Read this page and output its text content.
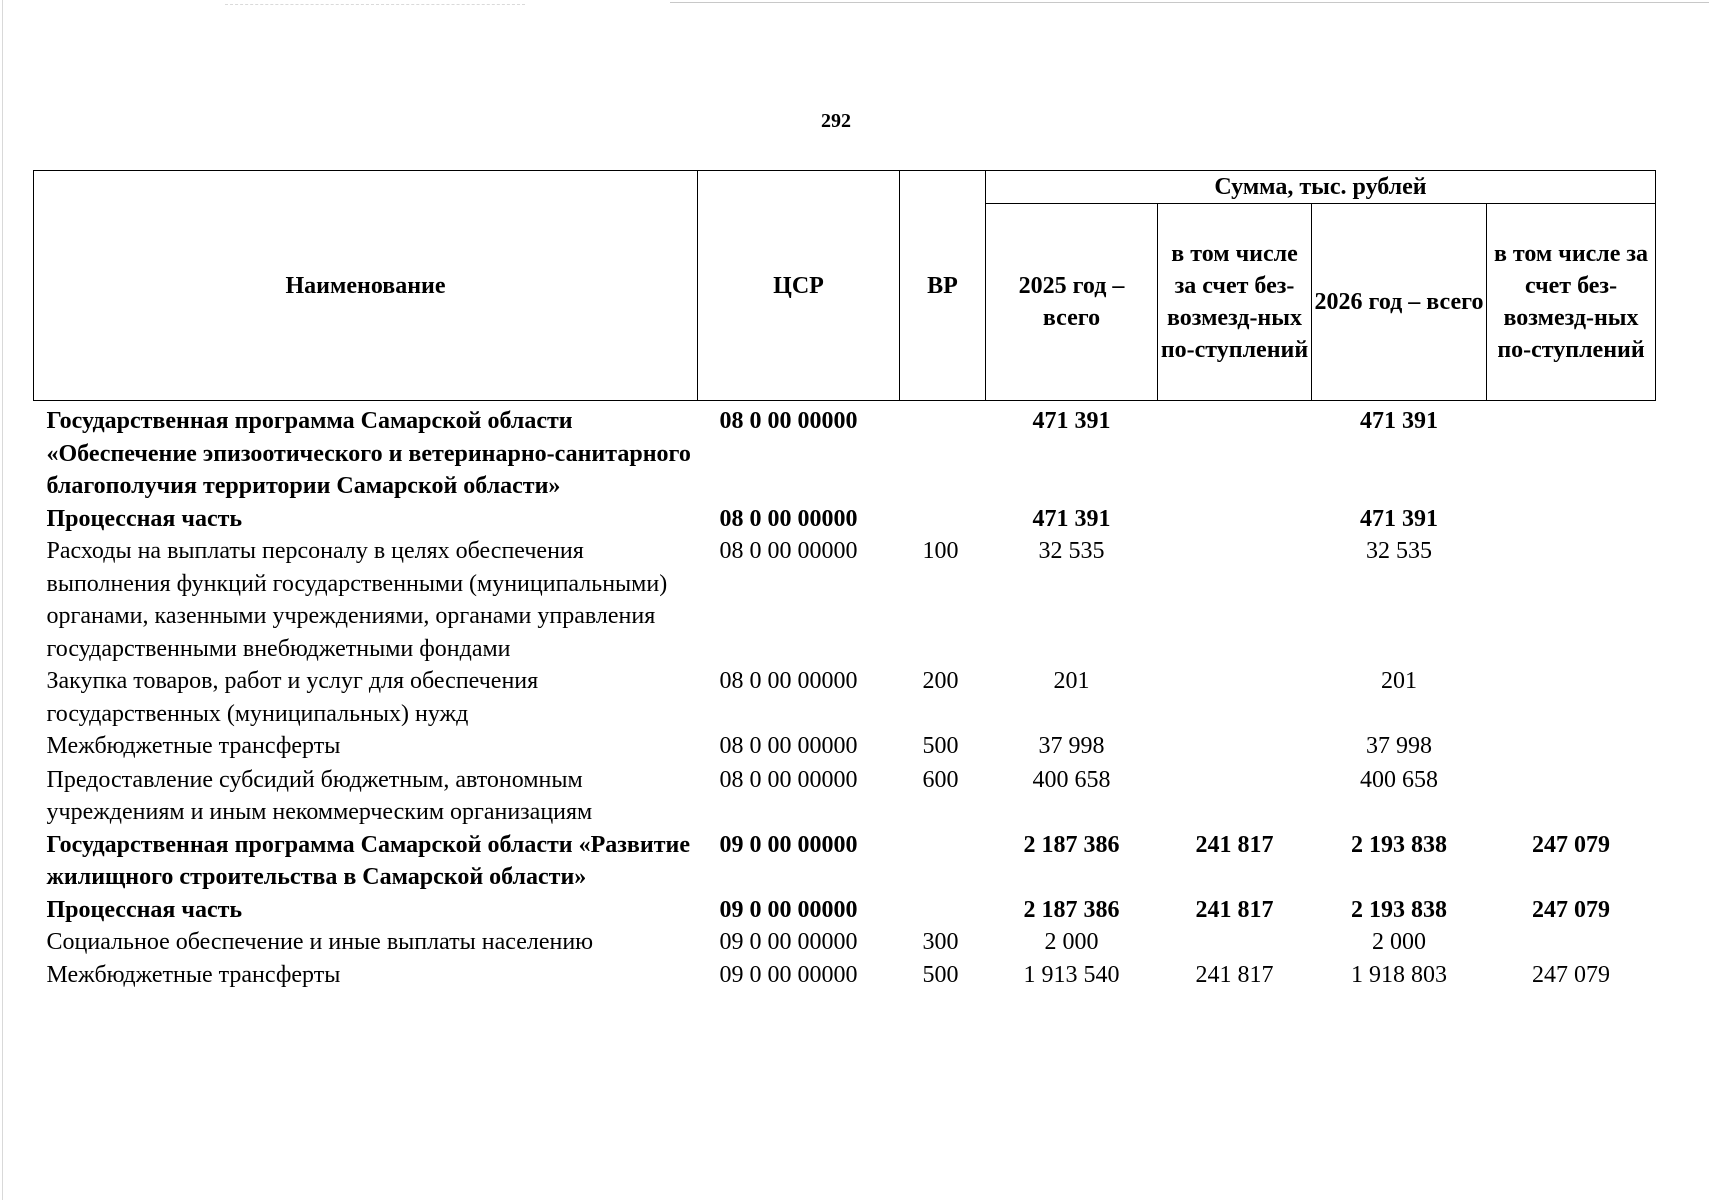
292
Наименование	ЦСР	ВР	Сумма, тыс. рублей			
			2025 год – всего	в том числе за счет без-возмезд-ных по-ступлений	2026 год – всего	в том числе за счет без-возмезд-ных по-ступлений
Государственная программа Самарской области «Обеспечение эпизоотического и ветеринарно-санитарного благополучия территории Самарской области»	08 0 00 00000		471 391		471 391	
Процессная часть	08 0 00 00000		471 391		471 391	
Расходы на выплаты персоналу в целях обеспечения выполнения функций государственными (муниципальными) органами, казенными учреждениями, органами управления государственными внебюджетными фондами	08 0 00 00000	100	32 535		32 535	
Закупка товаров, работ и услуг для обеспечения государственных (муниципальных) нужд	08 0 00 00000	200	201		201	
Межбюджетные трансферты	08 0 00 00000	500	37 998		37 998	
Предоставление субсидий бюджетным, автономным учреждениям и иным некоммерческим организациям	08 0 00 00000	600	400 658		400 658	
Государственная программа Самарской области «Развитие жилищного строительства в Самарской области»	09 0 00 00000		2 187 386	241 817	2 193 838	247 079
Процессная часть	09 0 00 00000		2 187 386	241 817	2 193 838	247 079
Социальное обеспечение и иные выплаты населению	09 0 00 00000	300	2 000		2 000	
Межбюджетные трансферты	09 0 00 00000	500	1 913 540	241 817	1 918 803	247 079
